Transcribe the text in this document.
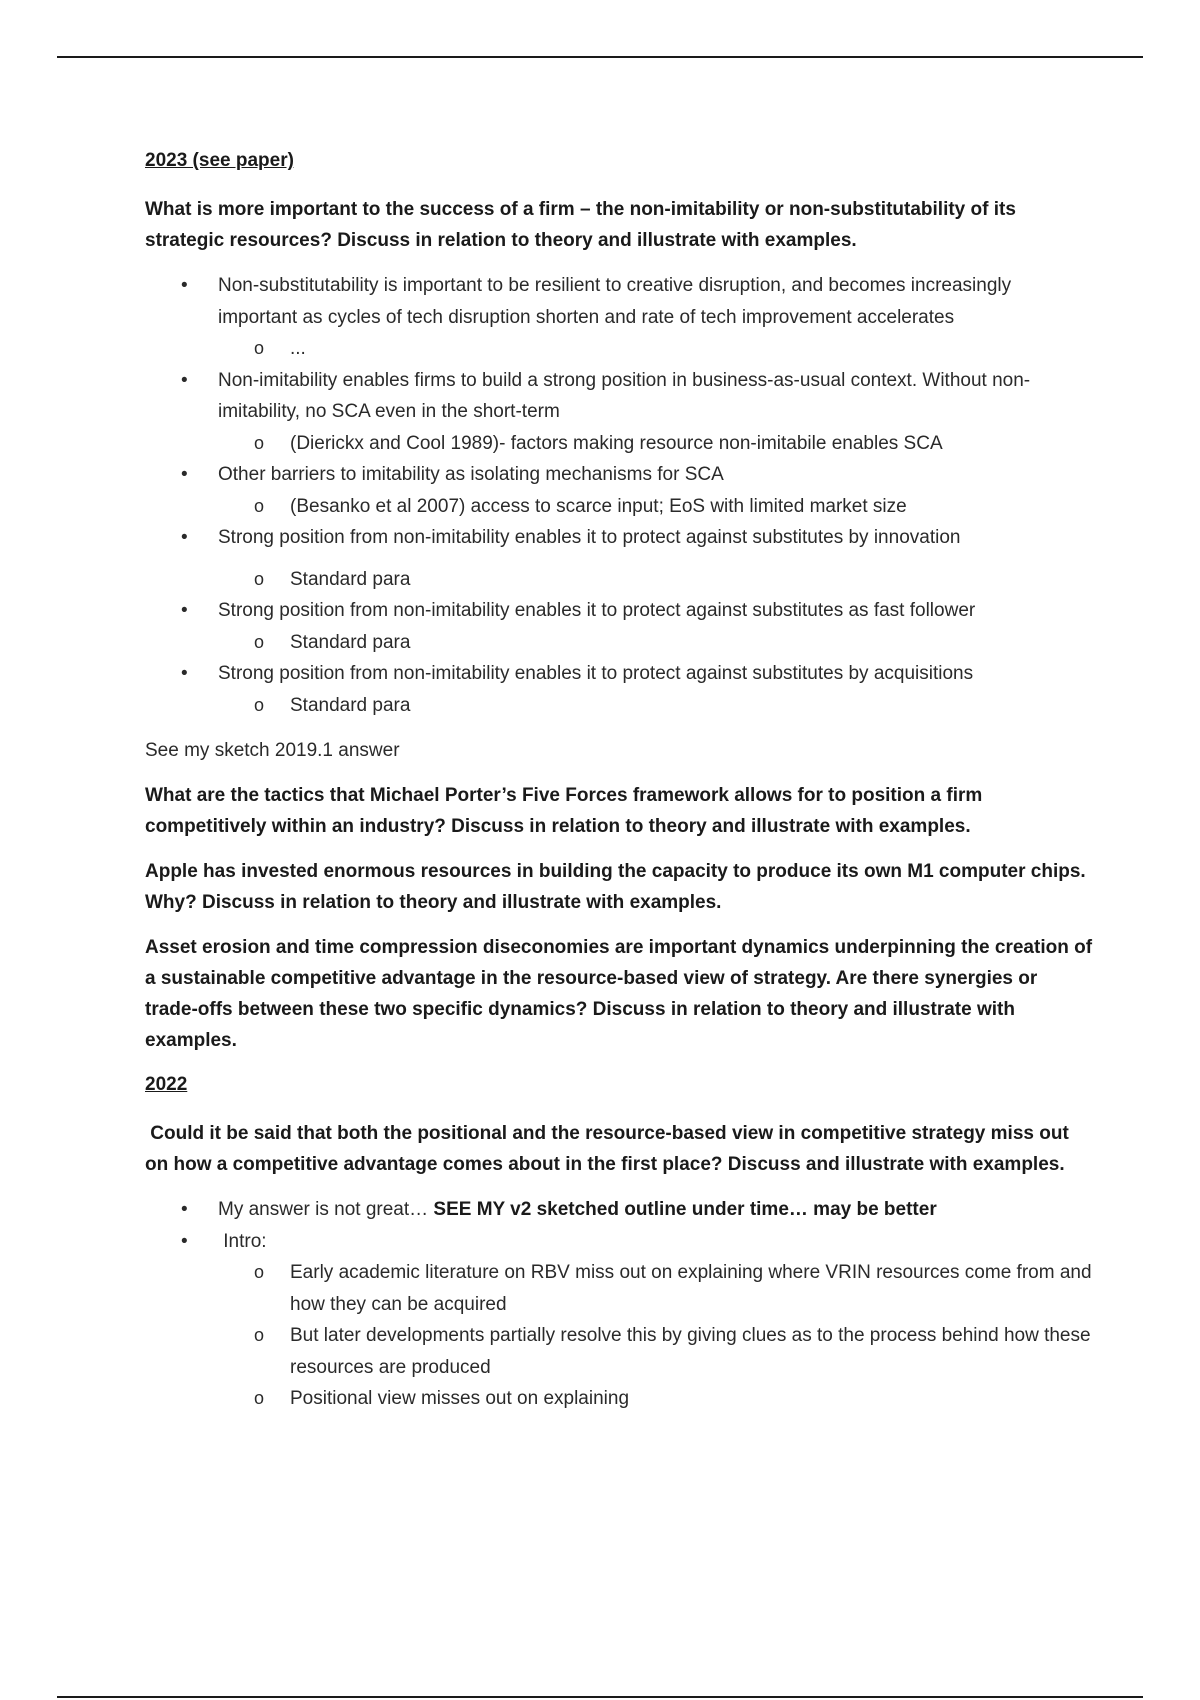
2023 (see paper)

What is more important to the success of a firm – the non-imitability or non-substitutability of its strategic resources? Discuss in relation to theory and illustrate with examples.

• Non-substitutability is important to be resilient to creative disruption, and becomes increasingly important as cycles of tech disruption shorten and rate of tech improvement accelerates
o ...
• Non-imitability enables firms to build a strong position in business-as-usual context. Without non-imitability, no SCA even in the short-term
o (Dierickx and Cool 1989)- factors making resource non-imitabile enables SCA
• Other barriers to imitability as isolating mechanisms for SCA
o (Besanko et al 2007) access to scarce input; EoS with limited market size
• Strong position from non-imitability enables it to protect against substitutes by innovation
o Standard para
• Strong position from non-imitability enables it to protect against substitutes as fast follower
o Standard para
• Strong position from non-imitability enables it to protect against substitutes by acquisitions
o Standard para

See my sketch 2019.1 answer

What are the tactics that Michael Porter’s Five Forces framework allows for to position a firm competitively within an industry? Discuss in relation to theory and illustrate with examples.

Apple has invested enormous resources in building the capacity to produce its own M1 computer chips. Why? Discuss in relation to theory and illustrate with examples.

Asset erosion and time compression diseconomies are important dynamics underpinning the creation of a sustainable competitive advantage in the resource-based view of strategy. Are there synergies or trade-offs between these two specific dynamics? Discuss in relation to theory and illustrate with examples.

2022

Could it be said that both the positional and the resource-based view in competitive strategy miss out on how a competitive advantage comes about in the first place? Discuss and illustrate with examples.

• My answer is not great… SEE MY v2 sketched outline under time… may be better
• Intro:
o Early academic literature on RBV miss out on explaining where VRIN resources come from and how they can be acquired
o But later developments partially resolve this by giving clues as to the process behind how these resources are produced
o Positional view misses out on explaining
